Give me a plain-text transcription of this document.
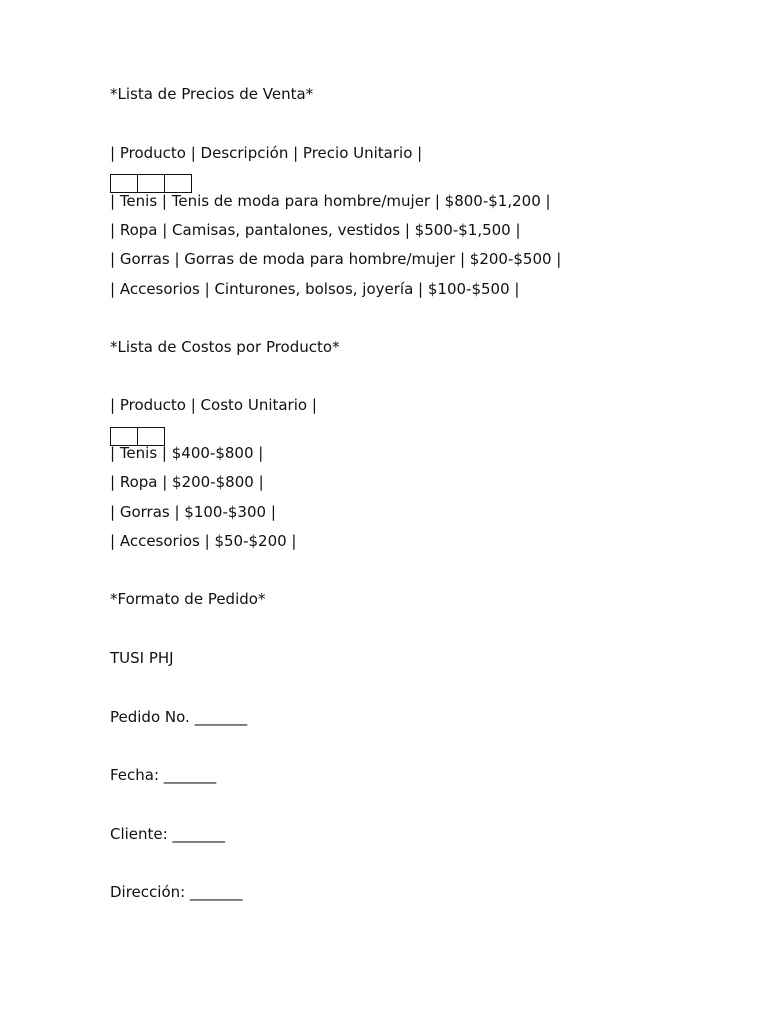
*Lista de Precios de Venta*
| Producto | Descripción | Precio Unitario |
| Tenis | Tenis de moda para hombre/mujer | $800-$1,200 |
| Ropa | Camisas, pantalones, vestidos | $500-$1,500 |
| Gorras | Gorras de moda para hombre/mujer | $200-$500 |
| Accesorios | Cinturones, bolsos, joyería | $100-$500 |
*Lista de Costos por Producto*
| Producto | Costo Unitario |
| Tenis | $400-$800 |
| Ropa | $200-$800 |
| Gorras | $100-$300 |
| Accesorios | $50-$200 |
*Formato de Pedido*
TUSI PHJ
Pedido No. _______
Fecha: _______
Cliente: _______
Dirección: _______
